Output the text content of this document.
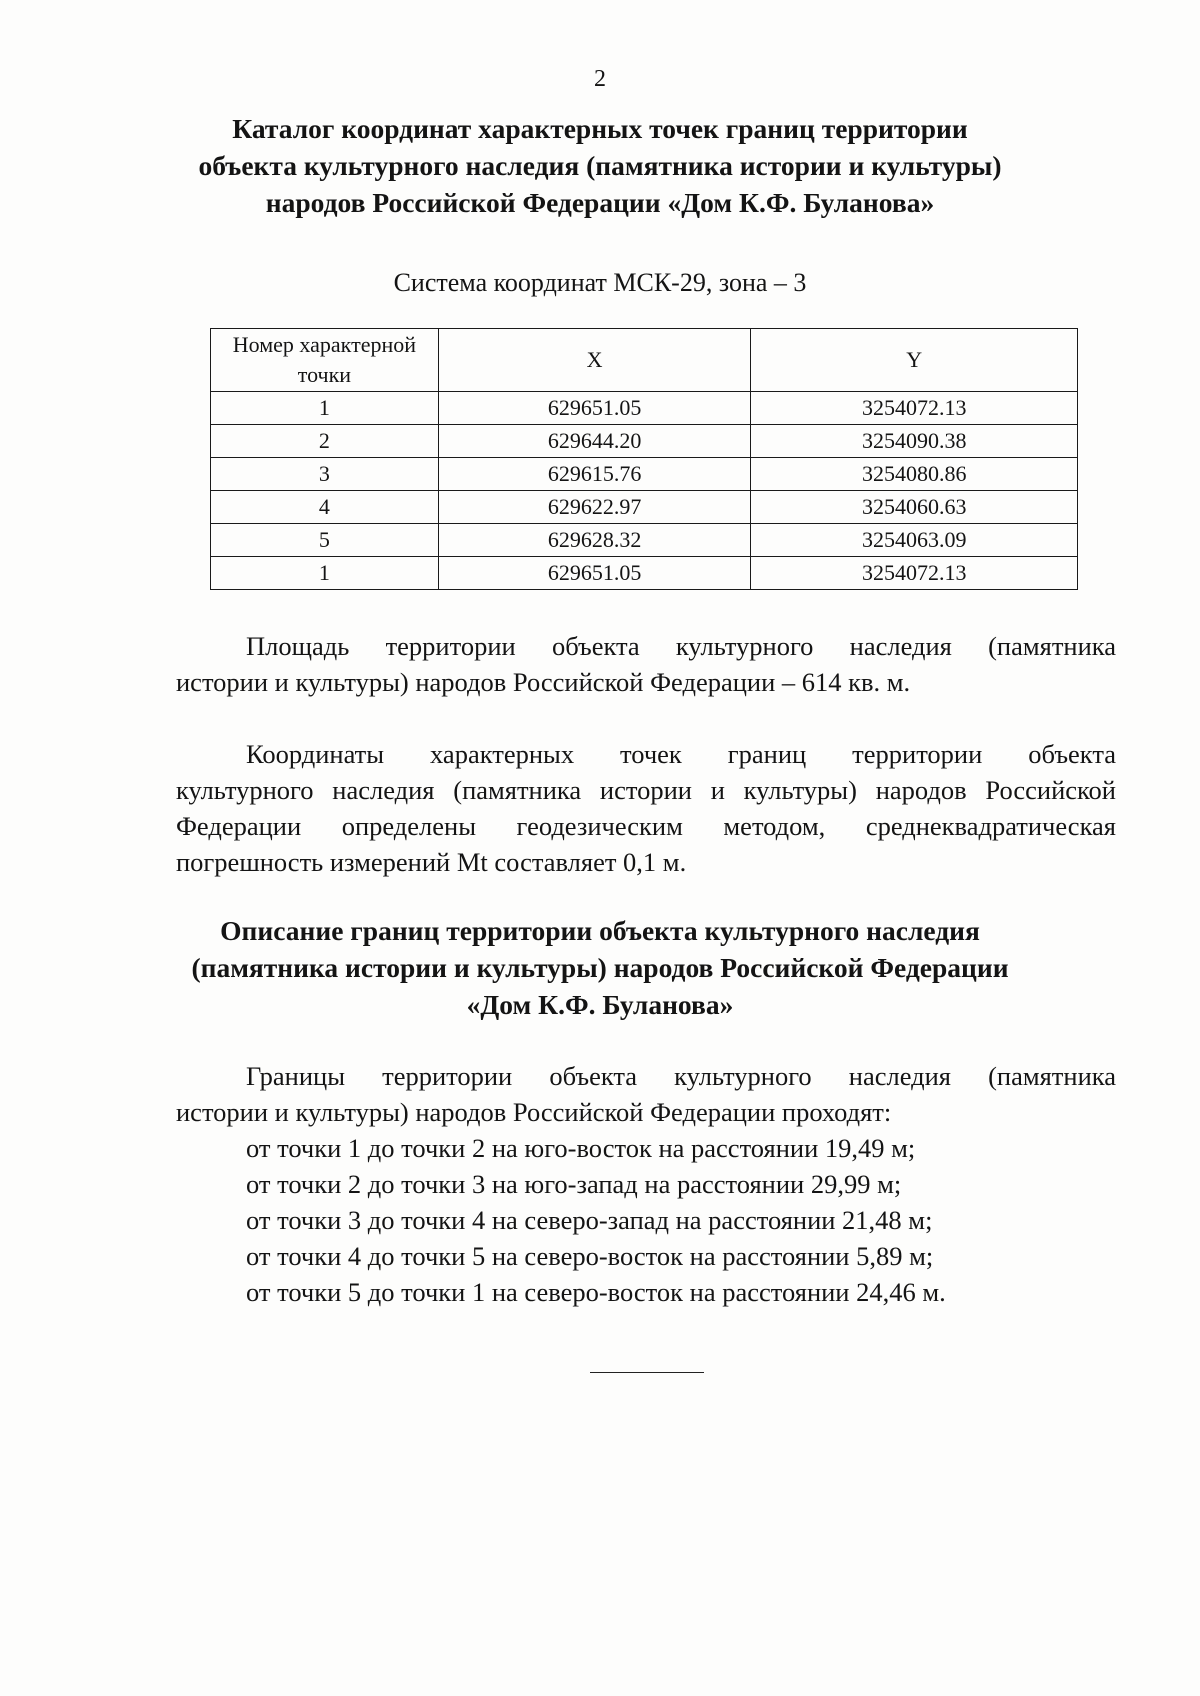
2
Каталог координат характерных точек границ территории
объекта культурного наследия (памятника истории и культуры)
народов Российской Федерации «Дом К.Ф. Буланова»
Система координат МСК-29, зона – 3
Номер характерной точки	X	Y
1	629651.05	3254072.13
2	629644.20	3254090.38
3	629615.76	3254080.86
4	629622.97	3254060.63
5	629628.32	3254063.09
1	629651.05	3254072.13
Площадь территории объекта культурного наследия (памятника
истории и культуры) народов Российской Федерации – 614 кв. м.
Координаты характерных точек границ территории объекта
культурного наследия (памятника истории и культуры) народов Российской
Федерации определены геодезическим методом, среднеквадратическая
погрешность измерений Mt составляет 0,1 м.
Описание границ территории объекта культурного наследия
(памятника истории и культуры) народов Российской Федерации
«Дом К.Ф. Буланова»
Границы территории объекта культурного наследия (памятника
истории и культуры) народов Российской Федерации проходят:
от точки 1 до точки 2 на юго-восток на расстоянии 19,49 м;
от точки 2 до точки 3 на юго-запад на расстоянии 29,99 м;
от точки 3 до точки 4 на северо-запад на расстоянии 21,48 м;
от точки 4 до точки 5 на северо-восток на расстоянии 5,89 м;
от точки 5 до точки 1 на северо-восток на расстоянии 24,46 м.
